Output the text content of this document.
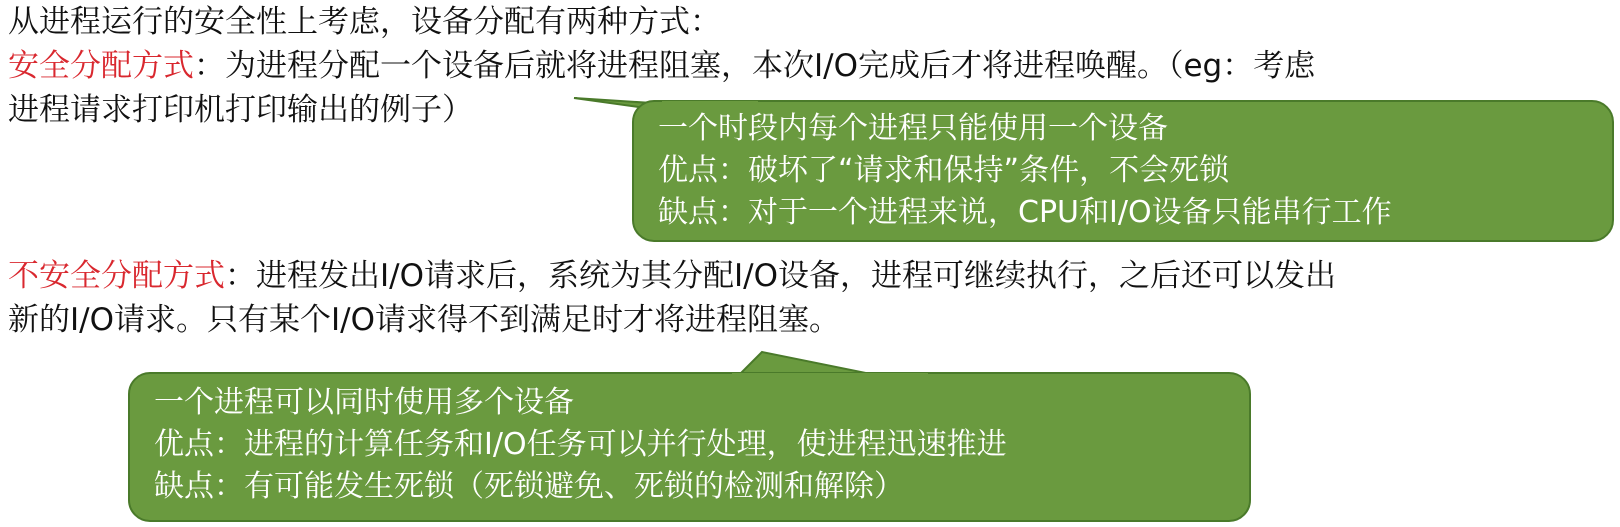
从进程运行的安全性上考虑，设备分配有两种方式：
安全分配方式：为进程分配一个设备后就将进程阻塞，本次I/O完成后才将进程唤醒。（eg：考虑
进程请求打印机打印输出的例子）
不安全分配方式：进程发出I/O请求后，系统为其分配I/O设备，进程可继续执行，之后还可以发出
新的I/O请求。只有某个I/O请求得不到满足时才将进程阻塞。
一个时段内每个进程只能使用一个设备
优点：破坏了“请求和保持”条件，不会死锁
缺点：对于一个进程来说，CPU和I/O设备只能串行工作
一个进程可以同时使用多个设备
优点：进程的计算任务和I/O任务可以并行处理，使进程迅速推进
缺点：有可能发生死锁（死锁避免、死锁的检测和解除）
